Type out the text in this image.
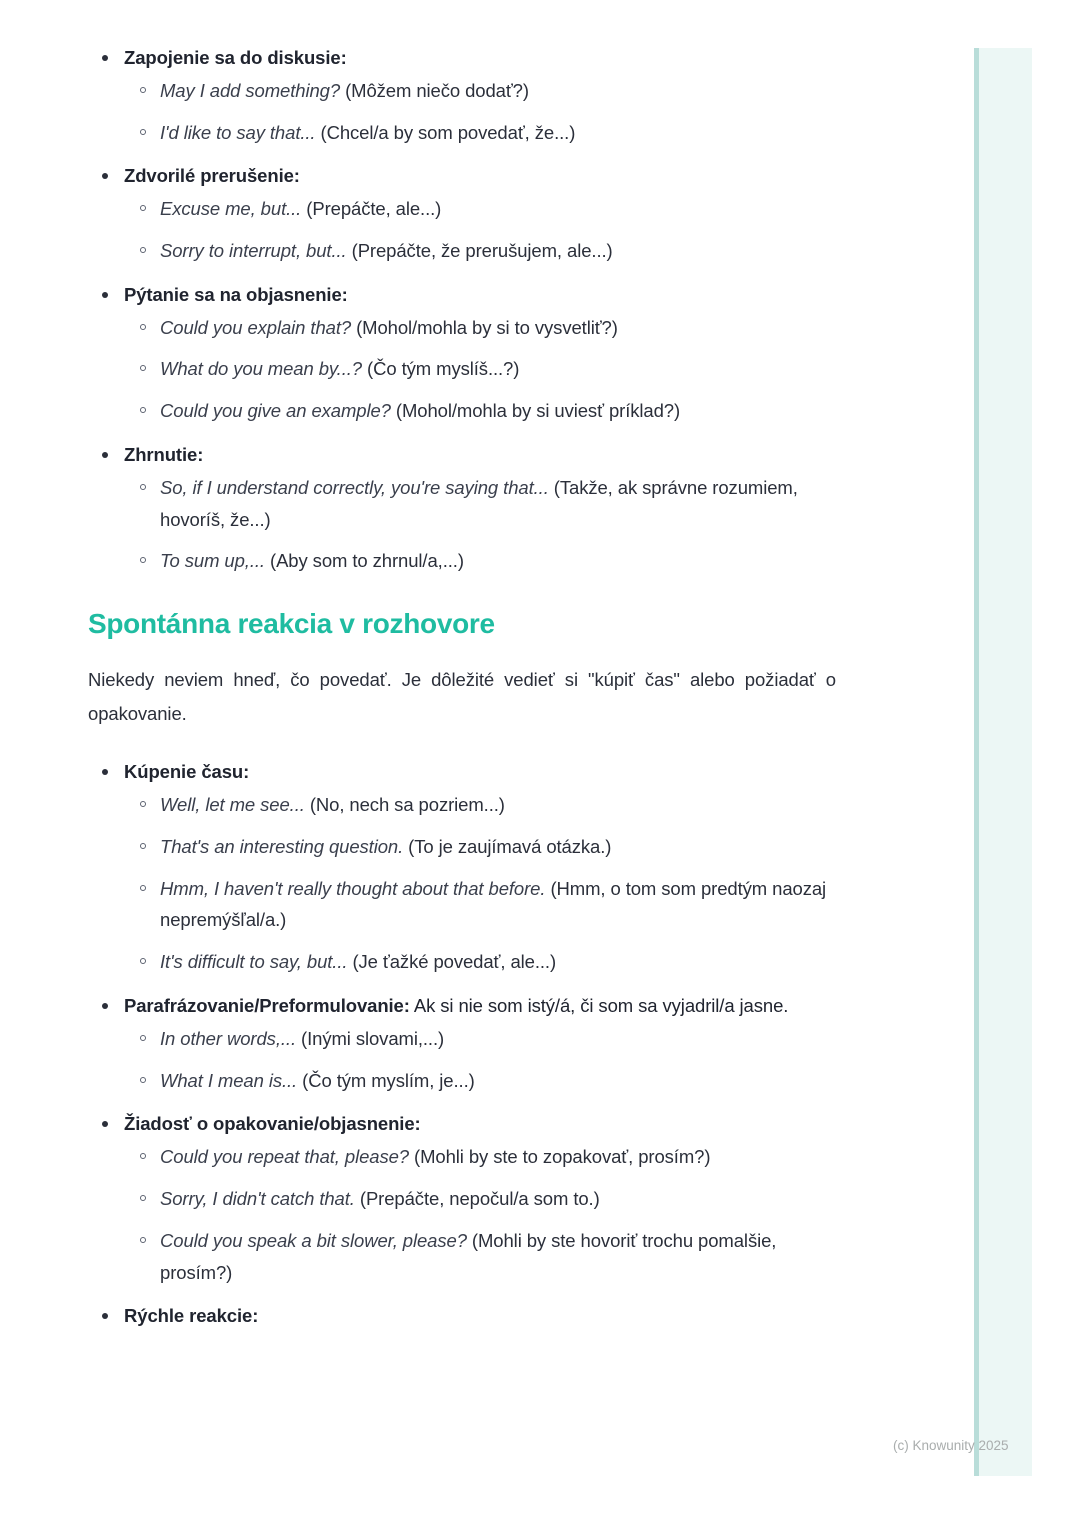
Zapojenie sa do diskusie:
May I add something? (Môžem niečo dodať?)
I'd like to say that... (Chcel/a by som povedať, že...)
Zdvorilé prerušenie:
Excuse me, but... (Prepáčte, ale...)
Sorry to interrupt, but... (Prepáčte, že prerušujem, ale...)
Pýtanie sa na objasnenie:
Could you explain that? (Mohol/mohla by si to vysvetliť?)
What do you mean by...? (Čo tým myslíš...?)
Could you give an example? (Mohol/mohla by si uviesť príklad?)
Zhrnutie:
So, if I understand correctly, you're saying that... (Takže, ak správne rozumiem, hovoríš, že...)
To sum up,... (Aby som to zhrnul/a,...)
Spontánna reakcia v rozhovore

Niekedy neviem hneď, čo povedať. Je dôležité vedieť si "kúpiť čas" alebo požiadať o opakovanie.

Kúpenie času:
Well, let me see... (No, nech sa pozriem...)
That's an interesting question. (To je zaujímavá otázka.)
Hmm, I haven't really thought about that before. (Hmm, o tom som predtým naozaj nepremýšľal/a.)
It's difficult to say, but... (Je ťažké povedať, ale...)
Parafrázovanie/Preformulovanie: Ak si nie som istý/á, či som sa vyjadril/a jasne.
In other words,... (Inými slovami,...)
What I mean is... (Čo tým myslím, je...)
Žiadosť o opakovanie/objasnenie:
Could you repeat that, please? (Mohli by ste to zopakovať, prosím?)
Sorry, I didn't catch that. (Prepáčte, nepočul/a som to.)
Could you speak a bit slower, please? (Mohli by ste hovoriť trochu pomalšie, prosím?)
Rýchle reakcie:
(c) Knowunity 2025
